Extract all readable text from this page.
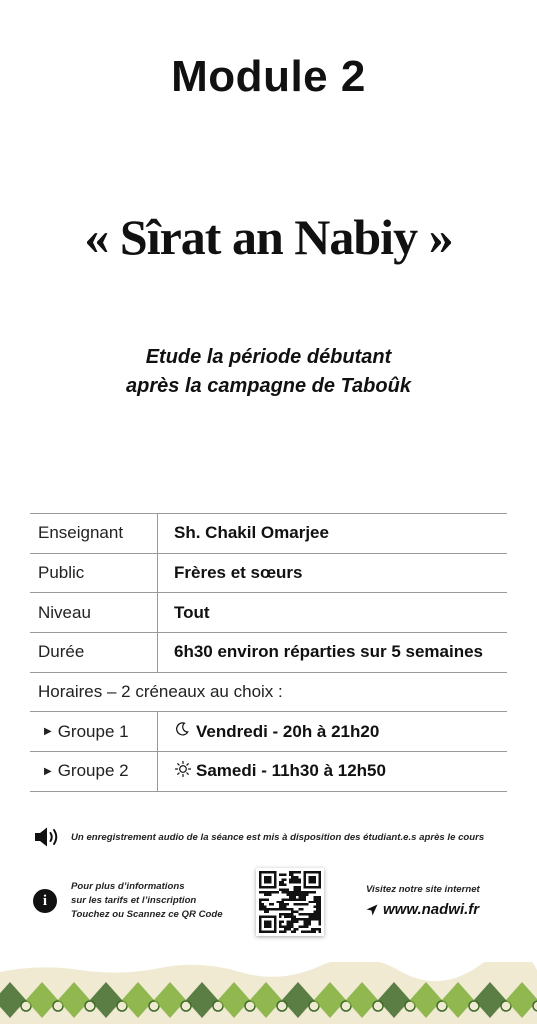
Module 2
« Sîrat an Nabiy »
Etude la période débutant
après la campagne de Taboûk
Enseignant	Sh. Chakil Omarjee
Public	Frères et sœurs
Niveau	Tout
Durée	6h30 environ réparties sur 5 semaines
Horaires – 2 créneaux au choix :
▶ Groupe 1	Vendredi - 20h à 21h20
▶ Groupe 2	Samedi - 11h30 à 12h50
Un enregistrement audio de la séance est mis à disposition des étudiant.e.s après le cours
i
Pour plus d’informations
sur les tarifs et l’inscription
Touchez ou Scannez ce QR Code
Visitez notre site internet
www.nadwi.fr
